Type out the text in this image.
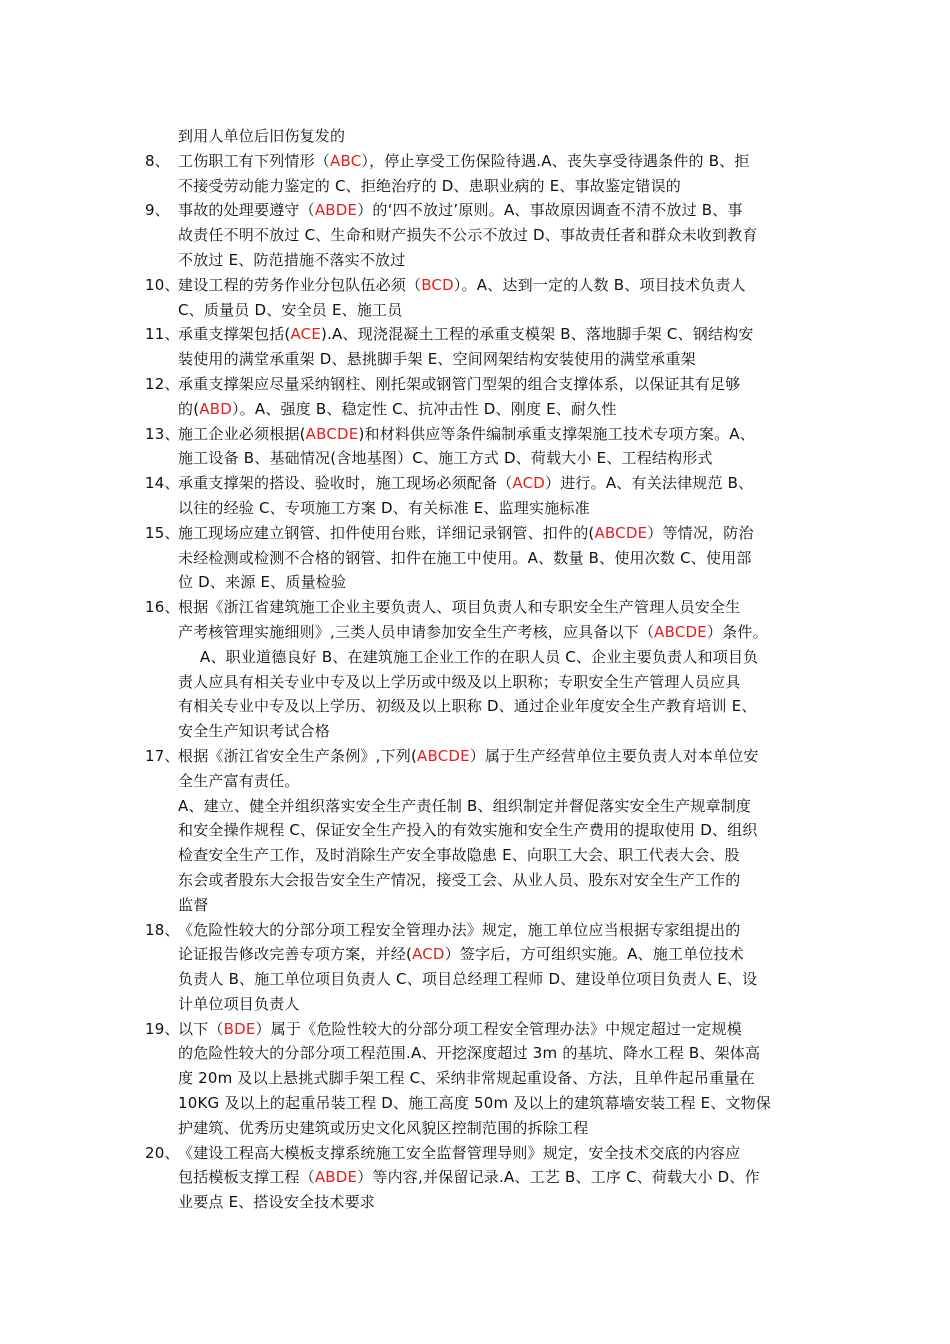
到用人单位后旧伤复发的
8、 工伤职工有下列情形（ABC），停止享受工伤保险待遇.A、丧失享受待遇条件的 B、拒
不接受劳动能力鉴定的 C、拒绝治疗的 D、患职业病的 E、事故鉴定错误的
9、 事故的处理要遵守（ABDE）的‘四不放过’原则。A、事故原因调查不清不放过 B、事
故责任不明不放过 C、生命和财产损失不公示不放过 D、事故责任者和群众未收到教育
不放过 E、防范措施不落实不放过
10、
建设工程的劳务作业分包队伍必须（BCD）。A、达到一定的人数 B、项目技术负责人
C、质量员 D、安全员 E、施工员
11、
承重支撑架包括(ACE).A、现浇混凝土工程的承重支模架 B、落地脚手架 C、钢结构安
装使用的满堂承重架 D、悬挑脚手架 E、空间网架结构安装使用的满堂承重架
12、
承重支撑架应尽量采纳钢柱、刚托架或钢管门型架的组合支撑体系，以保证其有足够
的(ABD）。A、强度 B、稳定性 C、抗冲击性 D、刚度 E、耐久性
13、
施工企业必须根据(ABCDE)和材料供应等条件编制承重支撑架施工技术专项方案。A、
施工设备 B、基础情况(含地基图）C、施工方式 D、荷载大小 E、工程结构形式
14、
承重支撑架的搭设、验收时，施工现场必须配备（ACD）进行。A、有关法律规范 B、
以往的经验 C、专项施工方案 D、有关标准 E、监理实施标准
15、
施工现场应建立钢管、扣件使用台账，详细记录钢管、扣件的(ABCDE）等情况，防治
未经检测或检测不合格的钢管、扣件在施工中使用。A、数量 B、使用次数 C、使用部
位 D、来源 E、质量检验
16、
根据《浙江省建筑施工企业主要负责人、项目负责人和专职安全生产管理人员安全生
产考核管理实施细则》,三类人员申请参加安全生产考核，应具备以下（ABCDE）条件。
A、职业道德良好 B、在建筑施工企业工作的在职人员 C、企业主要负责人和项目负
责人应具有相关专业中专及以上学历或中级及以上职称；专职安全生产管理人员应具
有相关专业中专及以上学历、初级及以上职称 D、通过企业年度安全生产教育培训 E、
安全生产知识考试合格
17、
根据《浙江省安全生产条例》,下列(ABCDE）属于生产经营单位主要负责人对本单位安
全生产富有责任。
A、建立、健全并组织落实安全生产责任制 B、组织制定并督促落实安全生产规章制度
和安全操作规程 C、保证安全生产投入的有效实施和安全生产费用的提取使用 D、组织
检查安全生产工作，及时消除生产安全事故隐患 E、向职工大会、职工代表大会、股
东会或者股东大会报告安全生产情况，接受工会、从业人员、股东对安全生产工作的
监督
18、
《危险性较大的分部分项工程安全管理办法》规定，施工单位应当根据专家组提出的
论证报告修改完善专项方案，并经(ACD）签字后，方可组织实施。A、施工单位技术
负责人 B、施工单位项目负责人 C、项目总经理工程师 D、建设单位项目负责人 E、设
计单位项目负责人
19、
以下（BDE）属于《危险性较大的分部分项工程安全管理办法》中规定超过一定规模
的危险性较大的分部分项工程范围.A、开挖深度超过 3m 的基坑、降水工程 B、架体高
度 20m 及以上悬挑式脚手架工程 C、采纳非常规起重设备、方法，且单件起吊重量在
10KG 及以上的起重吊装工程 D、施工高度 50m 及以上的建筑幕墙安装工程 E、文物保
护建筑、优秀历史建筑或历史文化风貌区控制范围的拆除工程
20、
《建设工程高大模板支撑系统施工安全监督管理导则》规定，安全技术交底的内容应
包括模板支撑工程（ABDE）等内容,并保留记录.A、工艺 B、工序 C、荷载大小 D、作
业要点 E、搭设安全技术要求
